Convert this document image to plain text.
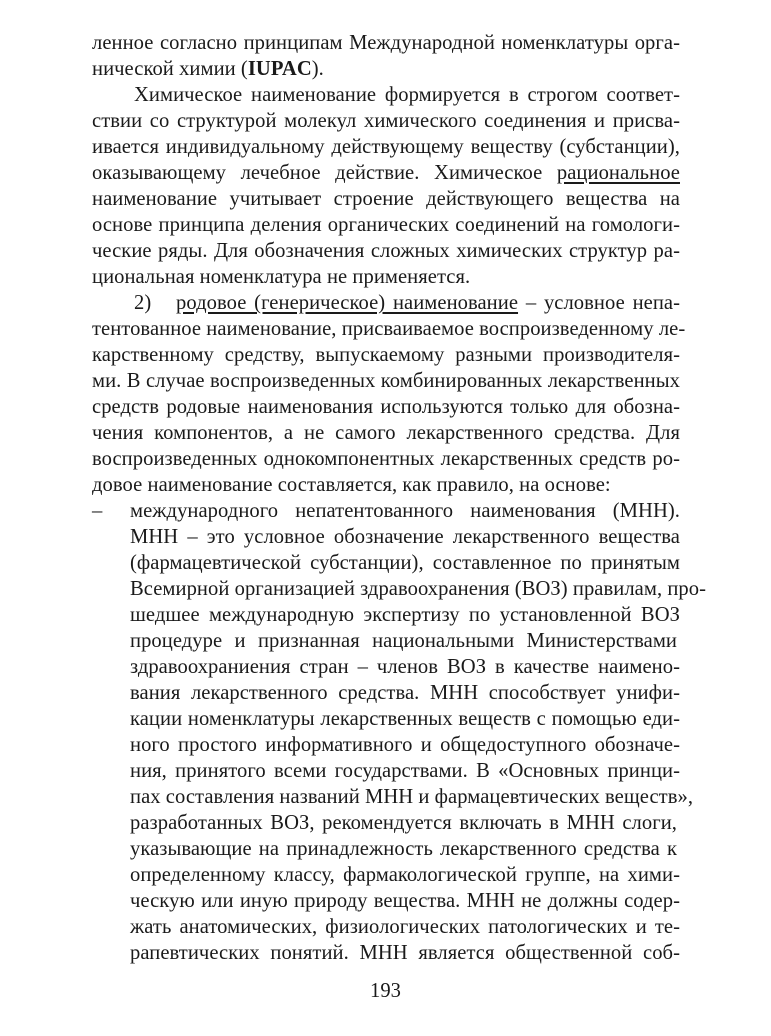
ленное согласно принципам Международной номенклатуры орга-
нической химии (IUPAC).
Химическое наименование формируется в строгом соответ-
ствии со структурой молекул химического соединения и присва-
ивается индивидуальному действующему веществу (субстанции),
оказывающему лечебное действие. Химическое рациональное
наименование учитывает строение действующего вещества на
основе принципа деления органических соединений на гомологи-
ческие ряды. Для обозначения сложных химических структур ра-
циональная номенклатура не применяется.
2) родовое (генерическое) наименование – условное непа-
тентованное наименование, присваиваемое воспроизведенному ле-
карственному средству, выпускаемому разными производителя-
ми. В случае воспроизведенных комбинированных лекарственных
средств родовые наименования используются только для обозна-
чения компонентов, а не самого лекарственного средства. Для
воспроизведенных однокомпонентных лекарственных средств ро-
довое наименование составляется, как правило, на основе:
– международного непатентованного наименования (МНН).
МНН – это условное обозначение лекарственного вещества
(фармацевтической субстанции), составленное по принятым
Всемирной организацией здравоохранения (ВОЗ) правилам, про-
шедшее международную экспертизу по установленной ВОЗ
процедуре и признанная национальными Министерствами
здравоохраниения стран – членов ВОЗ в качестве наимено-
вания лекарственного средства. МНН способствует унифи-
кации номенклатуры лекарственных веществ с помощью еди-
ного простого информативного и общедоступного обозначе-
ния, принятого всеми государствами. В «Основных принци-
пах составления названий МНН и фармацевтических веществ»,
разработанных ВОЗ, рекомендуется включать в МНН слоги,
указывающие на принадлежность лекарственного средства к
определенному классу, фармакологической группе, на хими-
ческую или иную природу вещества. МНН не должны содер-
жать анатомических, физиологических патологических и те-
рапевтических понятий. МНН является общественной соб-
193
